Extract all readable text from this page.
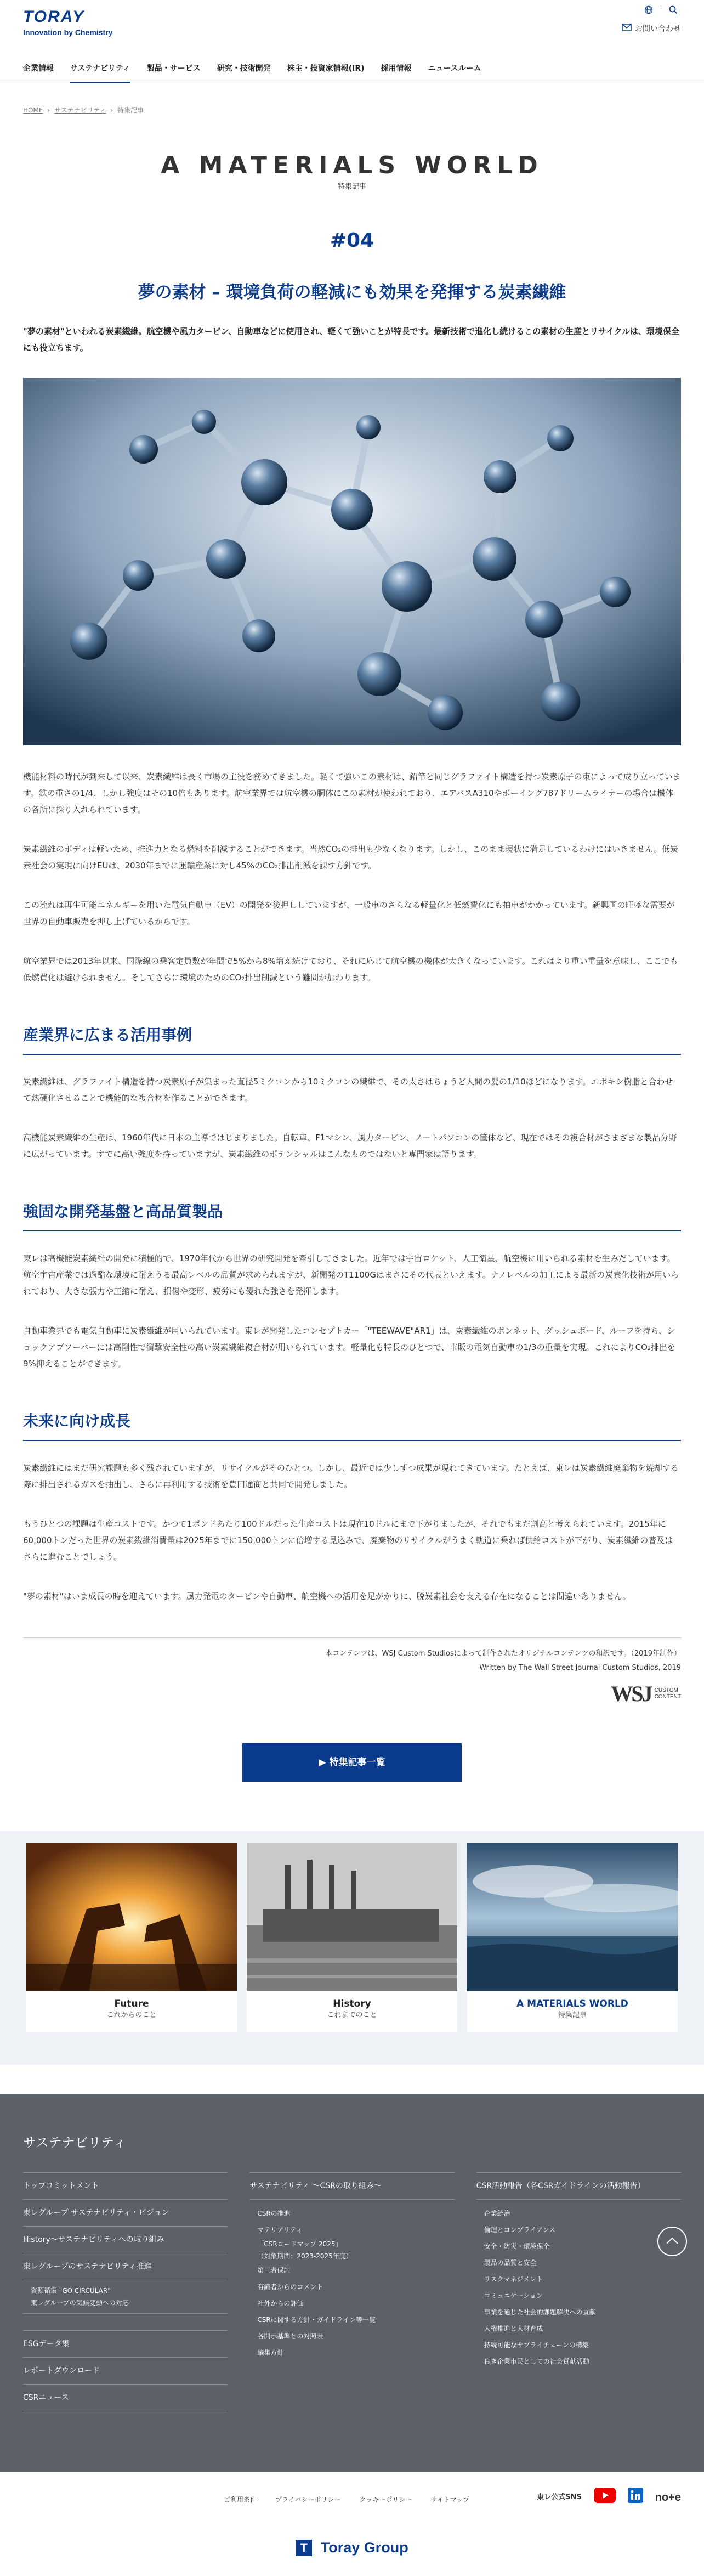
TORAY
Innovation by Chemistry	お問い合わせ
企業情報 サステナビリティ 製品・サービス 研究・技術開発 株主・投資家情報(IR) 採用情報 ニュースルーム
HOME › サステナビリティ › 特集記事
A MATERIALS WORLD
特集記事
#04
夢の素材 – 環境負荷の軽減にも効果を発揮する炭素繊維

"夢の素材"といわれる炭素繊維。航空機や風力タービン、自動車などに使用され、軽くて強いことが特長です。最新技術で進化し続けるこの素材の生産とリサイクルは、環境保全にも役立ちます。

機能材料の時代が到来して以来、炭素繊維は長く市場の主役を務めてきました。軽くて強いこの素材は、鉛筆と同じグラファイト構造を持つ炭素原子の束によって成り立っています。鉄の重さの1/4、しかし強度はその10倍もあります。航空業界では航空機の胴体にこの素材が使われており、エアバスA310やボーイング787ドリームライナーの場合は機体の各所に採り入れられています。

炭素繊維のボディは軽いため、推進力となる燃料を削減することができます。当然CO₂の排出も少なくなります。しかし、このまま現状に満足しているわけにはいきません。低炭素社会の実現に向けEUは、2030年までに運輸産業に対し45%のCO₂排出削減を課す方針です。

この流れは再生可能エネルギーを用いた電気自動車（EV）の開発を後押ししていますが、一般車のさらなる軽量化と低燃費化にも拍車がかかっています。新興国の旺盛な需要が世界の自動車販売を押し上げているからです。

航空業界では2013年以来、国際線の乗客定員数が年間で5%から8%増え続けており、それに応じて航空機の機体が大きくなっています。これはより重い重量を意味し、ここでも低燃費化は避けられません。そしてさらに環境のためのCO₂排出削減という難問が加わります。

産業界に広まる活用事例

炭素繊維は、グラファイト構造を持つ炭素原子が集まった直径5ミクロンから10ミクロンの繊維で、その太さはちょうど人間の髪の1/10ほどになります。エポキシ樹脂と合わせて熱硬化させることで機能的な複合材を作ることができます。

高機能炭素繊維の生産は、1960年代に日本の主導ではじまりました。自転車、F1マシン、風力タービン、ノートパソコンの筐体など、現在ではその複合材がさまざまな製品分野に広がっています。すでに高い強度を持っていますが、炭素繊維のポテンシャルはこんなものではないと専門家は語ります。

強固な開発基盤と高品質製品

東レは高機能炭素繊維の開発に積極的で、1970年代から世界の研究開発を牽引してきました。近年では宇宙ロケット、人工衛星、航空機に用いられる素材を生みだしています。航空宇宙産業では過酷な環境に耐えうる最高レベルの品質が求められますが、新開発のT1100Gはまさにその代表といえます。ナノレベルの加工による最新の炭素化技術が用いられており、大きな張力や圧縮に耐え、損傷や変形、疲労にも優れた強さを発揮します。

自動車業界でも電気自動車に炭素繊維が用いられています。東レが開発したコンセプトカー「"TEEWAVE"AR1」は、炭素繊維のボンネット、ダッシュボード、ルーフを持ち、ショックアブソーバーには高剛性で衝撃安全性の高い炭素繊維複合材が用いられています。軽量化も特長のひとつで、市販の電気自動車の1/3の重量を実現。これによりCO₂排出を9%抑えることができます。

未来に向け成長

炭素繊維にはまだ研究課題も多く残されていますが、リサイクルがそのひとつ。しかし、最近では少しずつ成果が現れてきています。たとえば、東レは炭素繊維廃棄物を焼却する際に排出されるガスを抽出し、さらに再利用する技術を豊田通商と共同で開発しました。

もうひとつの課題は生産コストです。かつて1ポンドあたり100ドルだった生産コストは現在10ドルにまで下がりましたが、それでもまだ割高と考えられています。2015年に60,000トンだった世界の炭素繊維消費量は2025年までに150,000トンに倍増する見込みで、廃棄物のリサイクルがうまく軌道に乗れば供給コストが下がり、炭素繊維の普及はさらに進むことでしょう。

"夢の素材"はいま成長の時を迎えています。風力発電のタービンや自動車、航空機への活用を足がかりに、脱炭素社会を支える存在になることは間違いありません。

本コンテンツは、WSJ Custom Studiosによって制作されたオリジナルコンテンツの和訳です。（2019年制作）
Written by The Wall Street Journal Custom Studios, 2019
WSJ CUSTOM
CONTENT
▶ 特集記事一覧
Future
これからのこと
History
これまでのこと
A MATERIALS WORLD
特集記事
サステナビリティ
トップコミットメント
東レグループ サステナビリティ・ビジョン
History～サステナビリティへの取り組み
東レグループのサステナビリティ推進
資源循環 "GO CIRCULAR"
東レグループの気候変動への対応
ESGデータ集
レポートダウンロード
CSRニュース
サステナビリティ ～CSRの取り組み～
CSRの推進
マテリアリティ
「CSRロードマップ 2025」
（対象期間：2023-2025年度）
第三者保証
有識者からのコメント
社外からの評価
CSRに関する方針・ガイドライン等一覧
各開示基準との対照表
編集方針
CSR活動報告（各CSRガイドラインの活動報告）
企業統治
倫理とコンプライアンス
安全・防災・環境保全
製品の品質と安全
リスクマネジメント
コミュニケーション
事業を通じた社会的課題解決への貢献
人権推進と人材育成
持続可能なサプライチェーンの構築
良き企業市民としての社会貢献活動
ご利用条件	プライバシーポリシー	クッキーポリシー	サイトマップ	東レ公式SNS	no+e
T Toray Group
